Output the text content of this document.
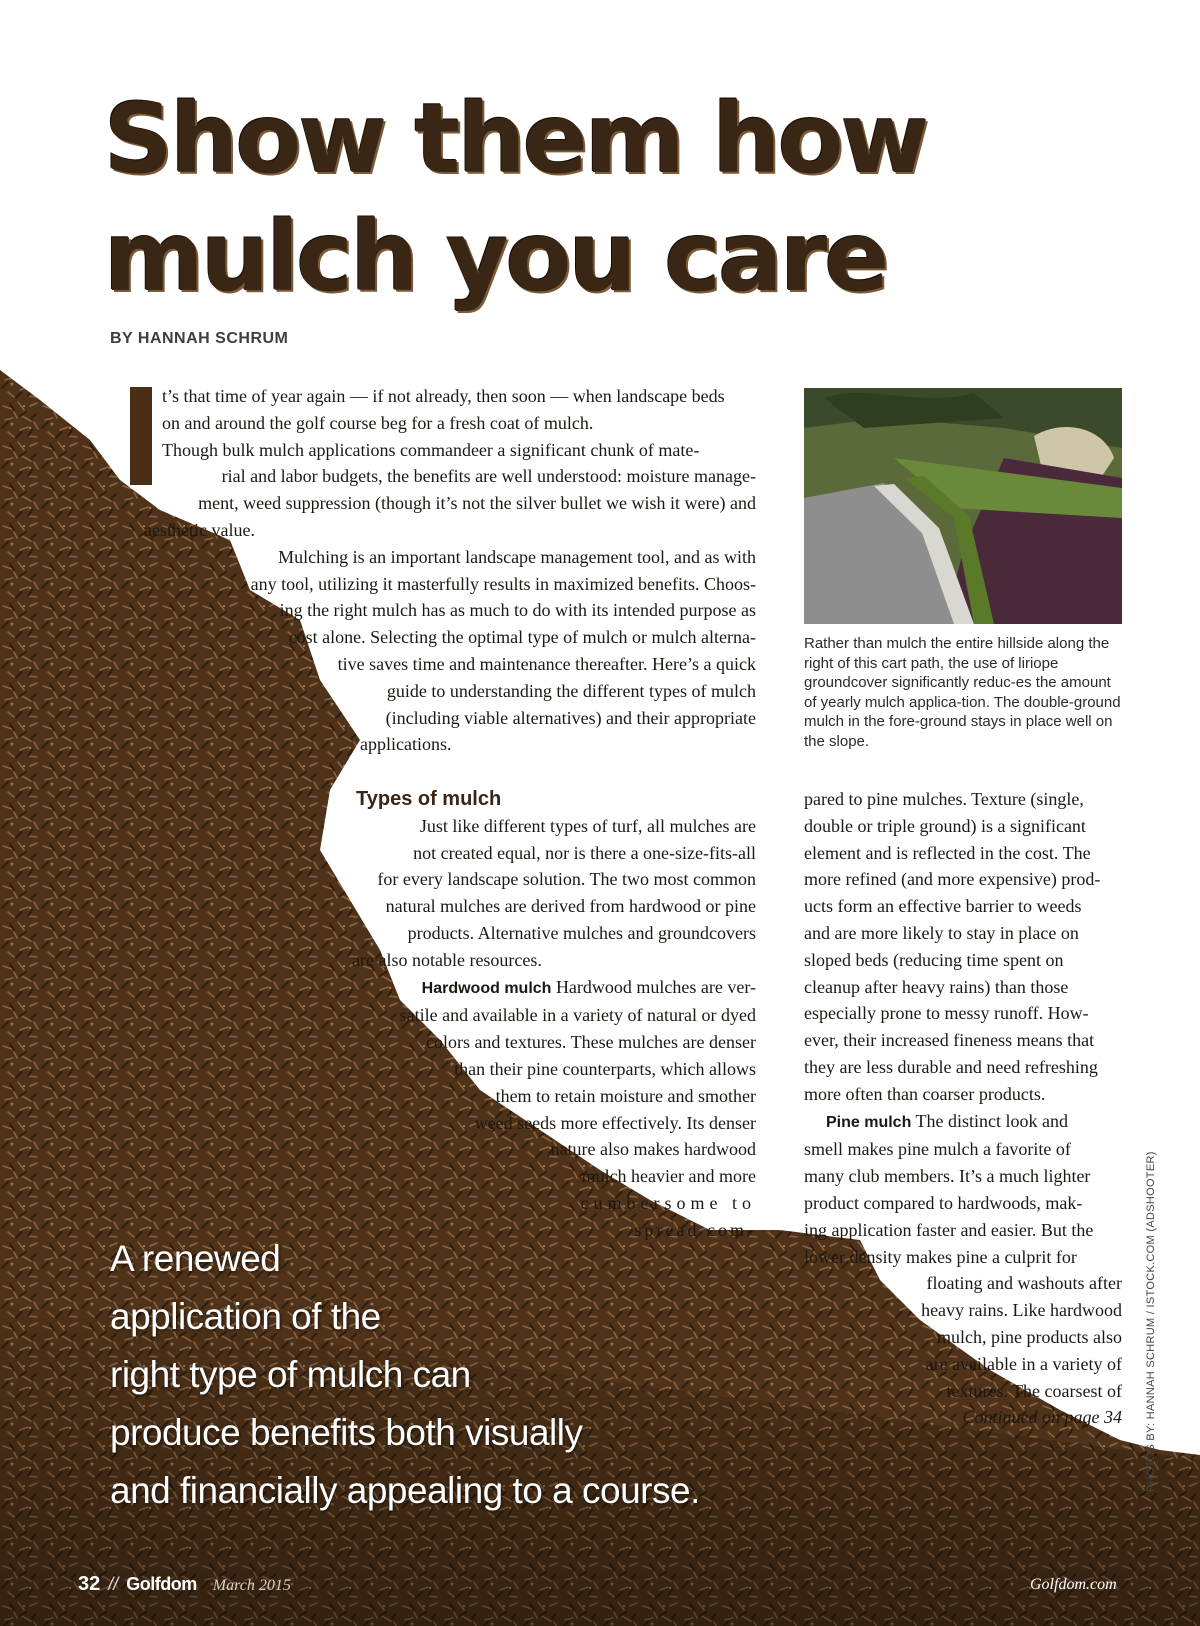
Show them how
mulch you care
BY HANNAH SCHRUM
I	t’s that time of year again — if not already, then soon — when landscape beds
on and around the golf course beg for a fresh coat of mulch.
Though bulk mulch applications commandeer a significant chunk of mate-
rial and labor budgets, the benefits are well understood: moisture manage-
ment, weed suppression (though it’s not the silver bullet we wish it were) and
aesthetic value.
Mulching is an important landscape management tool, and as with
any tool, utilizing it masterfully results in maximized benefits. Choos-
ing the right mulch has as much to do with its intended purpose as
cost alone. Selecting the optimal type of mulch or mulch alterna-
tive saves time and maintenance thereafter. Here’s a quick
guide to understanding the different types of mulch
(including viable alternatives) and their appropriate
applications.
Types of mulch
Just like different types of turf, all mulches are
not created equal, nor is there a one-size-fits-all
for every landscape solution. The two most common
natural mulches are derived from hardwood or pine
products. Alternative mulches and groundcovers
are also notable resources.
Hardwood mulch Hardwood mulches are ver-
satile and available in a variety of natural or dyed
colors and textures. These mulches are denser
than their pine counterparts, which allows
them to retain moisture and smother
weed seeds more effectively. Its denser
nature also makes hardwood
mulch heavier and more
cumbersome to
spread com-
Rather than mulch the entire hillside along the right of this cart path, the use of liriope groundcover significantly reduc-es the amount of yearly mulch applica-tion. The double-ground mulch in the fore-ground stays in place well on the slope.
pared to pine mulches. Texture (single,
double or triple ground) is a significant
element and is reflected in the cost. The
more refined (and more expensive) prod-
ucts form an effective barrier to weeds
and are more likely to stay in place on
sloped beds (reducing time spent on
cleanup after heavy rains) than those
especially prone to messy runoff. How-
ever, their increased fineness means that
they are less durable and need refreshing
more often than coarser products.
Pine mulch The distinct look and
smell makes pine mulch a favorite of
many club members. It’s a much lighter
product compared to hardwoods, mak-
ing application faster and easier. But the
lower density makes pine a culprit for
floating and washouts after
heavy rains. Like hardwood
mulch, pine products also
are available in a variety of
textures. The coarsest of
Continued on page 34
A renewed
application of the
right type of mulch can
produce benefits both visually
and financially appealing to a course.	PHOTOS BY: HANNAH SCHRUM / ISTOCK.COM (ADSHOOTER)
32 // Golfdom March 2015	Golfdom.com
